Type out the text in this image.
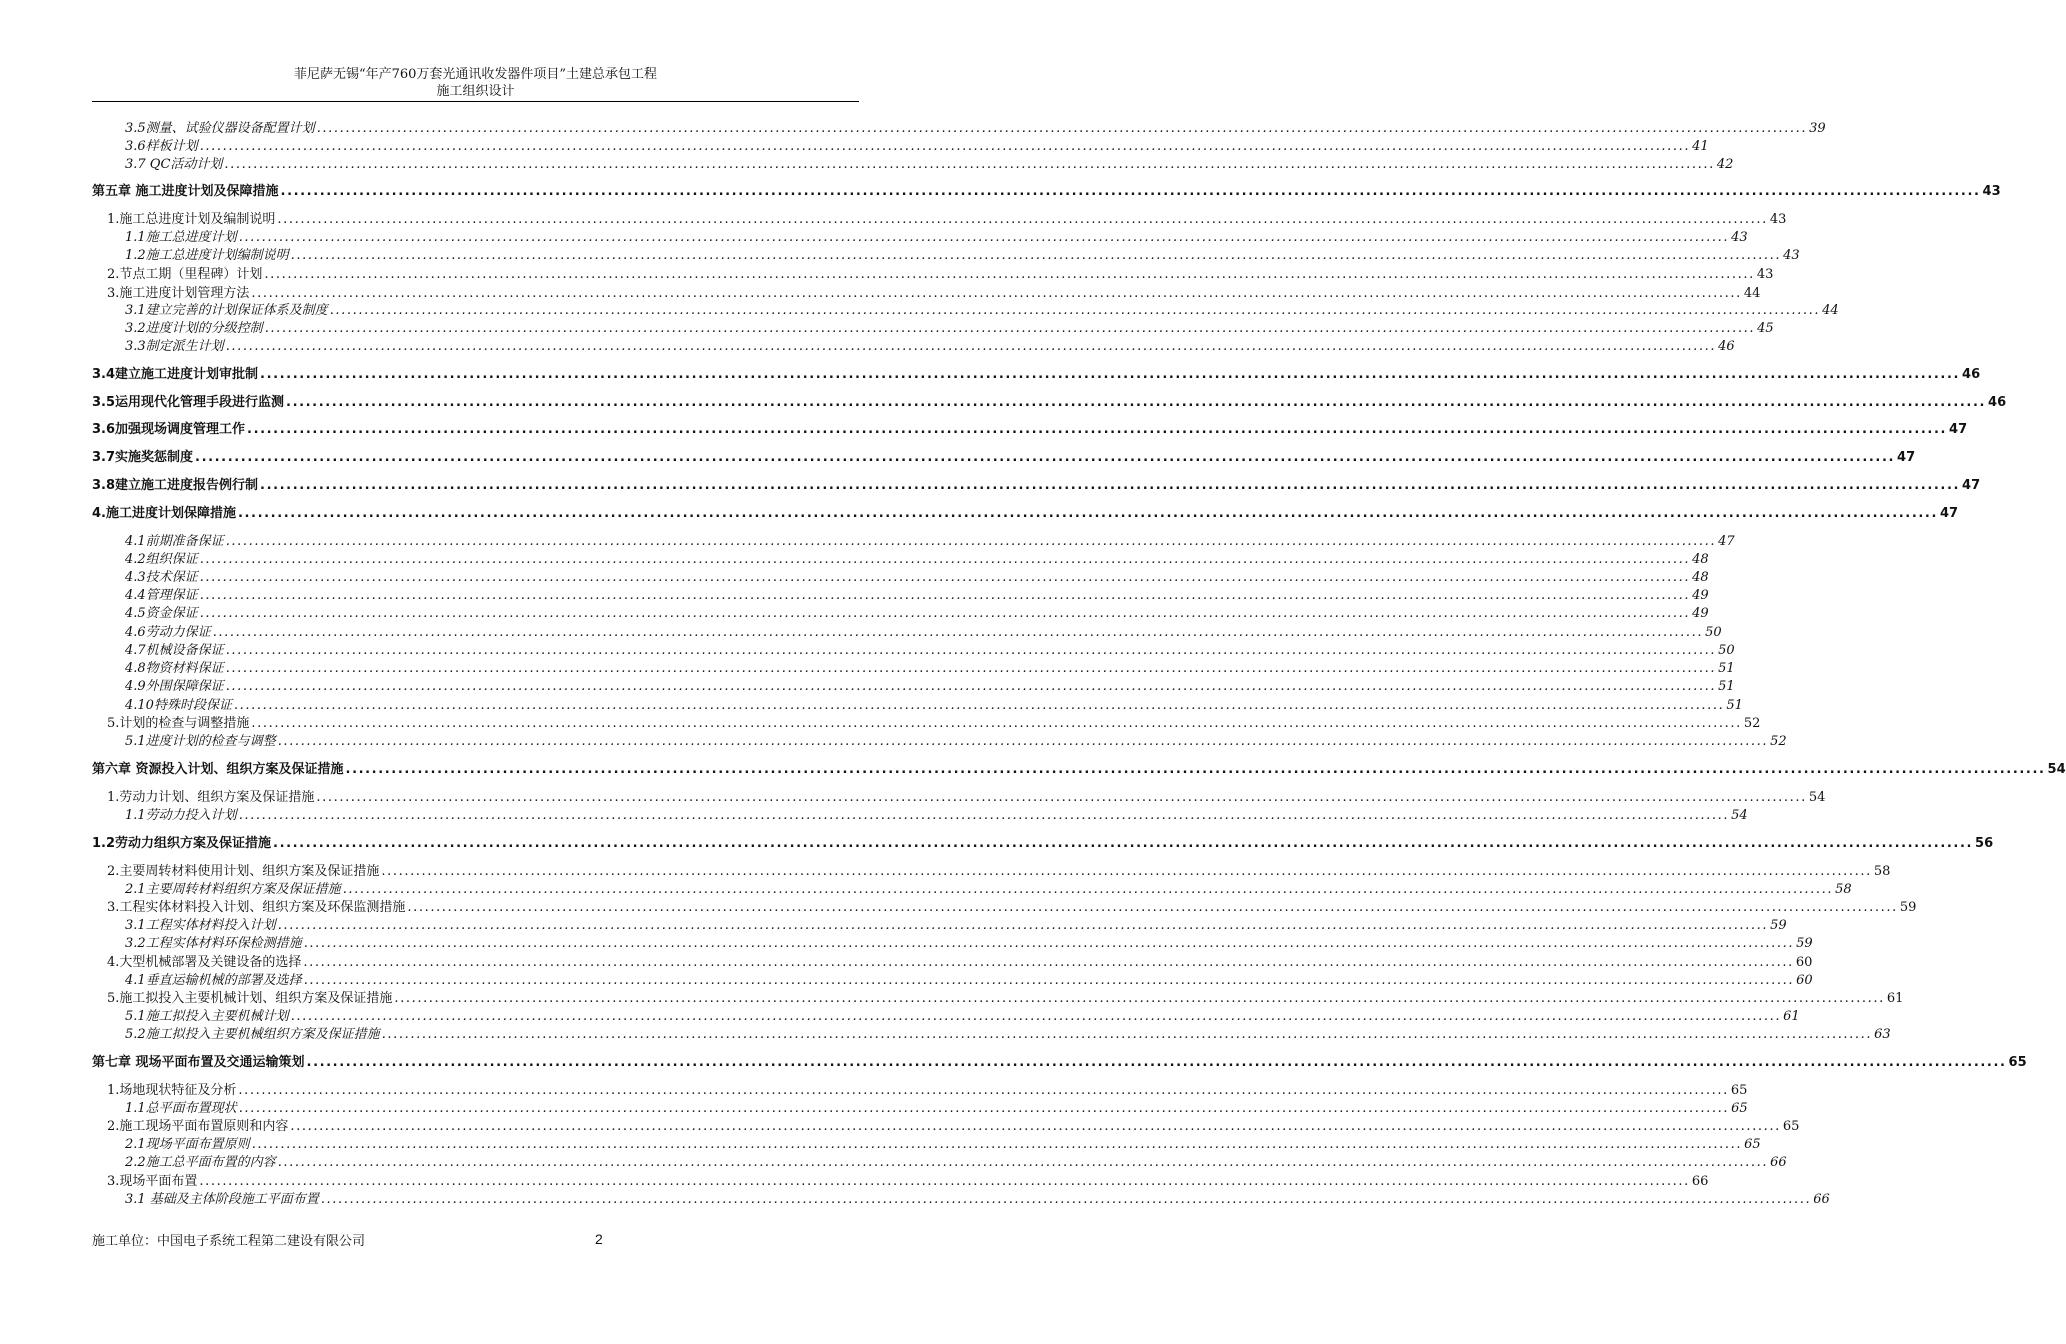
菲尼萨无锡“年产760万套光通讯收发器件项目”土建总承包工程
施工组织设计
3.5测量、试验仪器设备配置计划 .................................................................................................................................................................................................................................................................... 39
3.6样板计划 .................................................................................................................................................................................................................................................................... 41
3.7 QC活动计划 .................................................................................................................................................................................................................................................................... 42
第五章 施工进度计划及保障措施 .................................................................................................................................................................................................................................................................... 43
1.施工总进度计划及编制说明 .................................................................................................................................................................................................................................................................... 43
1.1施工总进度计划 .................................................................................................................................................................................................................................................................... 43
1.2施工总进度计划编制说明 .................................................................................................................................................................................................................................................................... 43
2.节点工期（里程碑）计划 .................................................................................................................................................................................................................................................................... 43
3.施工进度计划管理方法 .................................................................................................................................................................................................................................................................... 44
3.1建立完善的计划保证体系及制度 .................................................................................................................................................................................................................................................................... 44
3.2进度计划的分级控制 .................................................................................................................................................................................................................................................................... 45
3.3制定派生计划 .................................................................................................................................................................................................................................................................... 46
3.4建立施工进度计划审批制 .................................................................................................................................................................................................................................................................... 46
3.5运用现代化管理手段进行监测 .................................................................................................................................................................................................................................................................... 46
3.6加强现场调度管理工作 .................................................................................................................................................................................................................................................................... 47
3.7实施奖惩制度 .................................................................................................................................................................................................................................................................... 47
3.8建立施工进度报告例行制 .................................................................................................................................................................................................................................................................... 47
4.施工进度计划保障措施 .................................................................................................................................................................................................................................................................... 47
4.1前期准备保证 .................................................................................................................................................................................................................................................................... 47
4.2组织保证 .................................................................................................................................................................................................................................................................... 48
4.3技术保证 .................................................................................................................................................................................................................................................................... 48
4.4管理保证 .................................................................................................................................................................................................................................................................... 49
4.5资金保证 .................................................................................................................................................................................................................................................................... 49
4.6劳动力保证 .................................................................................................................................................................................................................................................................... 50
4.7机械设备保证 .................................................................................................................................................................................................................................................................... 50
4.8物资材料保证 .................................................................................................................................................................................................................................................................... 51
4.9外围保障保证 .................................................................................................................................................................................................................................................................... 51
4.10特殊时段保证 .................................................................................................................................................................................................................................................................... 51
5.计划的检查与调整措施 .................................................................................................................................................................................................................................................................... 52
5.1进度计划的检查与调整 .................................................................................................................................................................................................................................................................... 52
第六章 资源投入计划、组织方案及保证措施 .................................................................................................................................................................................................................................................................... 54
1.劳动力计划、组织方案及保证措施 .................................................................................................................................................................................................................................................................... 54
1.1劳动力投入计划 .................................................................................................................................................................................................................................................................... 54
1.2劳动力组织方案及保证措施 .................................................................................................................................................................................................................................................................... 56
2.主要周转材料使用计划、组织方案及保证措施 .................................................................................................................................................................................................................................................................... 58
2.1主要周转材料组织方案及保证措施 .................................................................................................................................................................................................................................................................... 58
3.工程实体材料投入计划、组织方案及环保监测措施 .................................................................................................................................................................................................................................................................... 59
3.1工程实体材料投入计划 .................................................................................................................................................................................................................................................................... 59
3.2工程实体材料环保检测措施 .................................................................................................................................................................................................................................................................... 59
4.大型机械部署及关键设备的选择 .................................................................................................................................................................................................................................................................... 60
4.1垂直运输机械的部署及选择 .................................................................................................................................................................................................................................................................... 60
5.施工拟投入主要机械计划、组织方案及保证措施 .................................................................................................................................................................................................................................................................... 61
5.1施工拟投入主要机械计划 .................................................................................................................................................................................................................................................................... 61
5.2施工拟投入主要机械组织方案及保证措施 .................................................................................................................................................................................................................................................................... 63
第七章 现场平面布置及交通运输策划 .................................................................................................................................................................................................................................................................... 65
1.场地现状特征及分析 .................................................................................................................................................................................................................................................................... 65
1.1总平面布置现状 .................................................................................................................................................................................................................................................................... 65
2.施工现场平面布置原则和内容 .................................................................................................................................................................................................................................................................... 65
2.1现场平面布置原则 .................................................................................................................................................................................................................................................................... 65
2.2施工总平面布置的内容 .................................................................................................................................................................................................................................................................... 66
3.现场平面布置 .................................................................................................................................................................................................................................................................... 66
3.1 基础及主体阶段施工平面布置 .................................................................................................................................................................................................................................................................... 66
施工单位：中国电子系统工程第二建设有限公司	2
